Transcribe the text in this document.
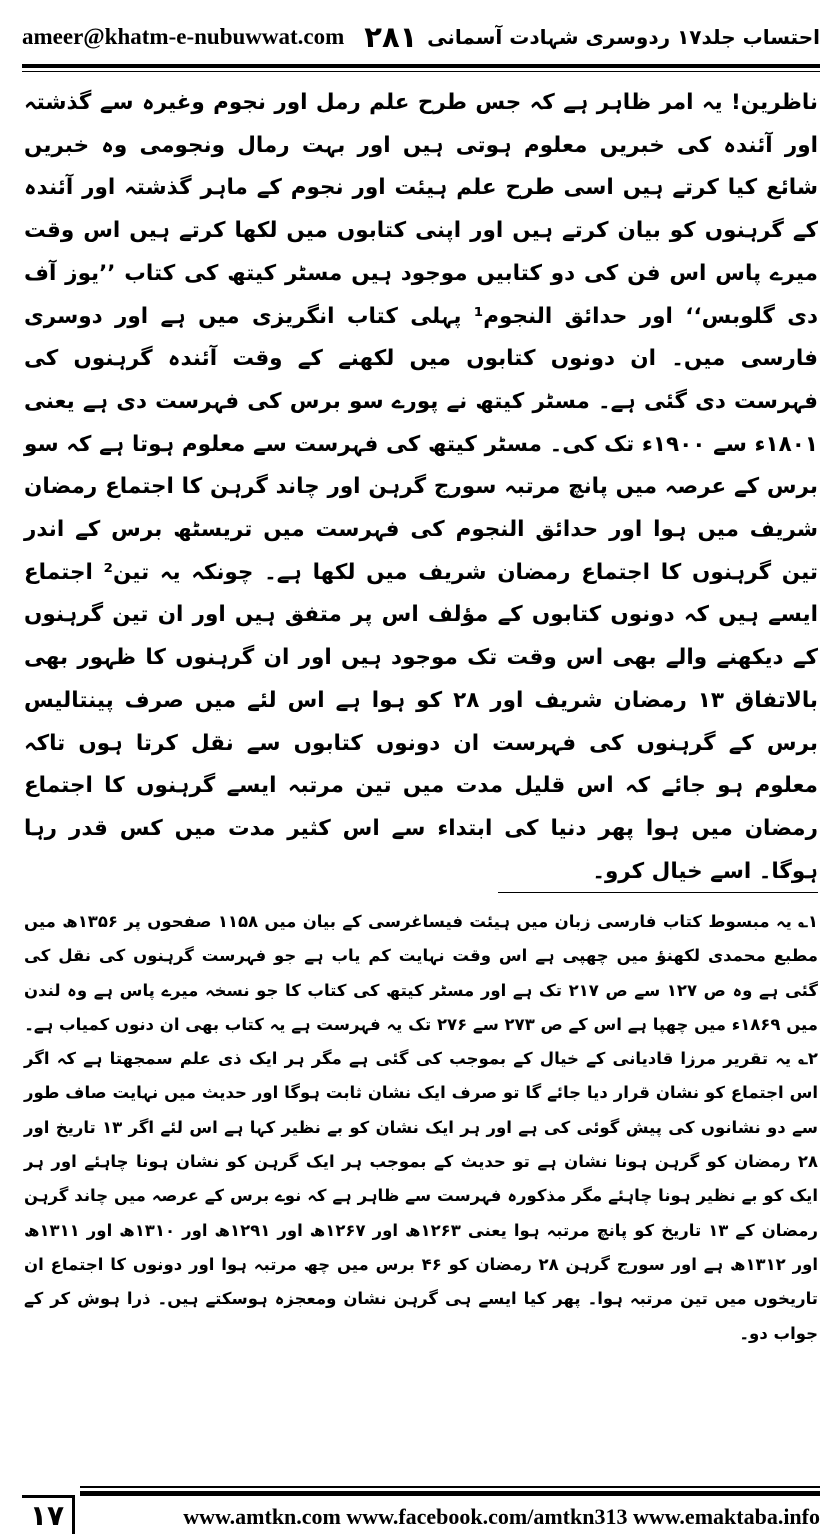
ameer@khatm-e-nubuwwat.com ۲۸۱ احتساب جلد۱۷ ردوسری شہادت آسمانی

ناظرین! یہ امر ظاہر ہے کہ جس طرح علم رمل اور نجوم وغیرہ سے گذشتہ اور آئندہ کی خبریں معلوم ہوتی ہیں اور بہت رمال ونجومی وہ خبریں شائع کیا کرتے ہیں اسی طرح علم ہیئت اور نجوم کے ماہر گذشتہ اور آئندہ کے گرہنوں کو بیان کرتے ہیں اور اپنی کتابوں میں لکھا کرتے ہیں اس وقت میرے پاس اس فن کی دو کتابیں موجود ہیں مسٹر کیتھ کی کتاب ’’یوز آف دی گلوبس‘‘ اور حدائق النجوم¹ پہلی کتاب انگریزی میں ہے اور دوسری فارسی میں۔ ان دونوں کتابوں میں لکھنے کے وقت آئندہ گرہنوں کی فہرست دی گئی ہے۔ مسٹر کیتھ نے پورے سو برس کی فہرست دی ہے یعنی ۱۸۰۱ء سے ۱۹۰۰ء تک کی۔ مسٹر کیتھ کی فہرست سے معلوم ہوتا ہے کہ سو برس کے عرصہ میں پانچ مرتبہ سورج گرہن اور چاند گرہن کا اجتماع رمضان شریف میں ہوا اور حدائق النجوم کی فہرست میں تریسٹھ برس کے اندر تین گرہنوں کا اجتماع رمضان شریف میں لکھا ہے۔ چونکہ یہ تین² اجتماع ایسے ہیں کہ دونوں کتابوں کے مؤلف اس پر متفق ہیں اور ان تین گرہنوں کے دیکھنے والے بھی اس وقت تک موجود ہیں اور ان گرہنوں کا ظہور بھی بالاتفاق ۱۳ رمضان شریف اور ۲۸ کو ہوا ہے اس لئے میں صرف پینتالیس برس کے گرہنوں کی فہرست ان دونوں کتابوں سے نقل کرتا ہوں تاکہ معلوم ہو جائے کہ اس قلیل مدت میں تین مرتبہ ایسے گرہنوں کا اجتماع رمضان میں ہوا پھر دنیا کی ابتداء سے اس کثیر مدت میں کس قدر رہا ہوگا۔ اسے خیال کرو۔

۱؎ یہ مبسوط کتاب فارسی زبان میں ہیئت فیساغرسی کے بیان میں ۱۱۵۸ صفحوں پر ۱۳۵۶ھ میں مطبع محمدی لکھنؤ میں چھپی ہے اس وقت نہایت کم یاب ہے جو فہرست گرہنوں کی نقل کی گئی ہے وہ ص ۱۲۷ سے ص ۲۱۷ تک ہے اور مسٹر کیتھ کی کتاب کا جو نسخہ میرے پاس ہے وہ لندن میں ۱۸۶۹ء میں چھپا ہے اس کے ص ۲۷۳ سے ۲۷۶ تک یہ فہرست ہے یہ کتاب بھی ان دنوں کمیاب ہے۔

۲؎ یہ تقریر مرزا قادیانی کے خیال کے بموجب کی گئی ہے مگر ہر ایک ذی علم سمجھتا ہے کہ اگر اس اجتماع کو نشان قرار دیا جائے گا تو صرف ایک نشان ثابت ہوگا اور حدیث میں نہایت صاف طور سے دو نشانوں کی پیش گوئی کی ہے اور ہر ایک نشان کو بے نظیر کہا ہے اس لئے اگر ۱۳ تاریخ اور ۲۸ رمضان کو گرہن ہونا نشان ہے تو حدیث کے بموجب ہر ایک گرہن کو نشان ہونا چاہئے اور ہر ایک کو بے نظیر ہونا چاہئے مگر مذکورہ فہرست سے ظاہر ہے کہ نوے برس کے عرصہ میں چاند گرہن رمضان کے ۱۳ تاریخ کو پانچ مرتبہ ہوا یعنی ۱۲۶۳ھ اور ۱۲۶۷ھ اور ۱۲۹۱ھ اور ۱۳۱۰ھ اور ۱۳۱۱ھ اور ۱۳۱۲ھ ہے اور سورج گرہن ۲۸ رمضان کو ۴۶ برس میں چھ مرتبہ ہوا اور دونوں کا اجتماع ان تاریخوں میں تین مرتبہ ہوا۔ پھر کیا ایسے ہی گرہن نشان ومعجزہ ہوسکتے ہیں۔ ذرا ہوش کر کے جواب دو۔

۱۷	www.amtkn.com www.facebook.com/amtkn313 www.emaktaba.info
